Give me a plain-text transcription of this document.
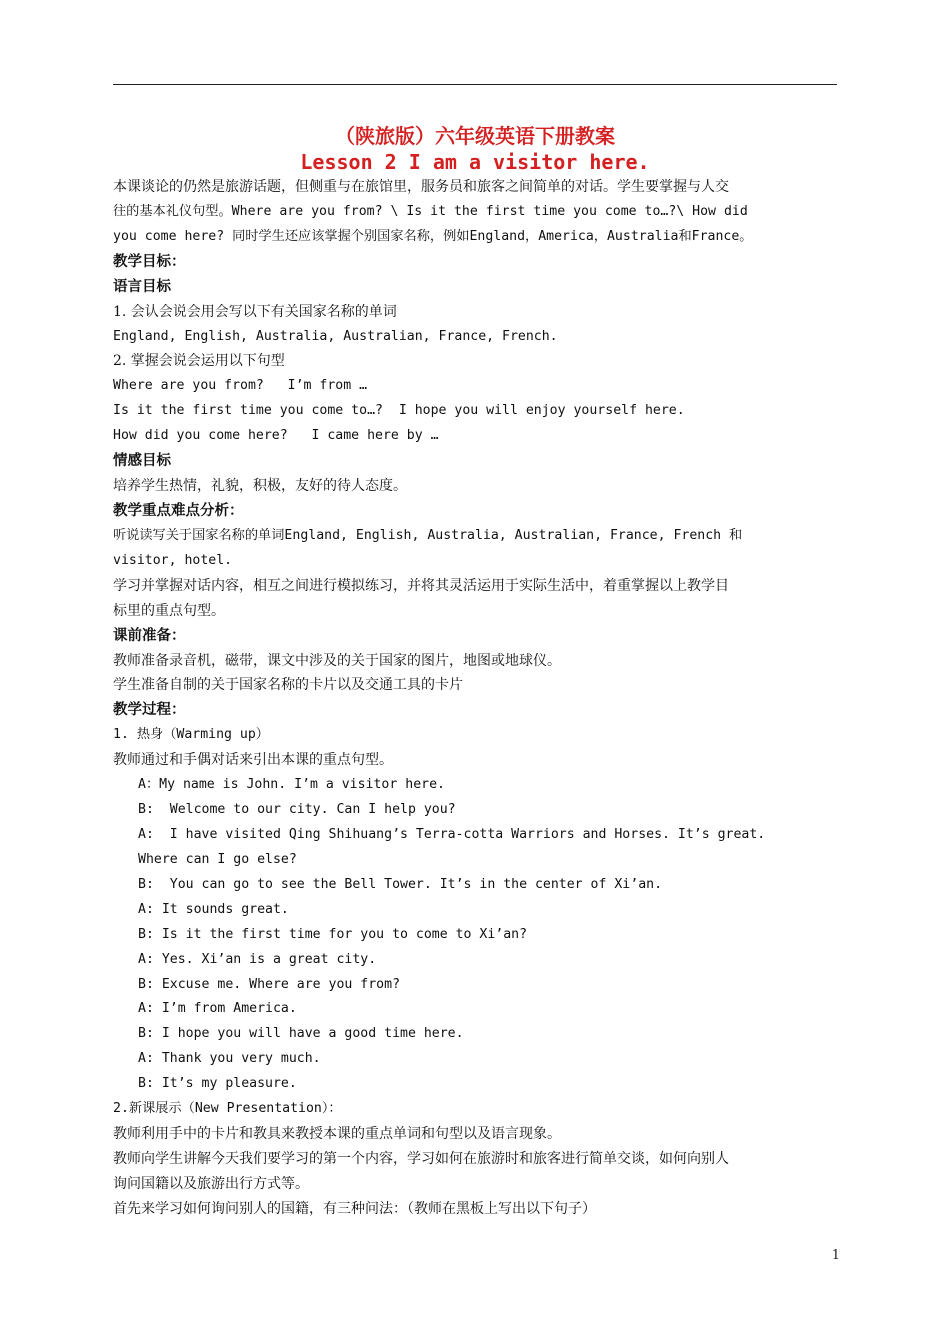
（陕旅版）六年级英语下册教案
Lesson 2 I am a visitor here.
本课谈论的仍然是旅游话题，但侧重与在旅馆里，服务员和旅客之间简单的对话。学生要掌握与人交
往的基本礼仪句型。Where are you from? \ Is it the first time you come to…?\ How did
you come here? 同时学生还应该掌握个别国家名称，例如England，America，Australia和France。
教学目标：
语言目标
1. 会认会说会用会写以下有关国家名称的单词
England, English, Australia, Australian, France, French.
2. 掌握会说会运用以下句型
Where are you from?   I’m from …
Is it the first time you come to…?  I hope you will enjoy yourself here.
How did you come here?   I came here by …
情感目标
培养学生热情，礼貌，积极，友好的待人态度。
教学重点难点分析：
听说读写关于国家名称的单词England, English, Australia, Australian, France, French 和
visitor, hotel.
学习并掌握对话内容，相互之间进行模拟练习，并将其灵活运用于实际生活中，着重掌握以上教学目
标里的重点句型。
课前准备：
教师准备录音机，磁带，课文中涉及的关于国家的图片，地图或地球仪。
学生准备自制的关于国家名称的卡片以及交通工具的卡片
教学过程：
1. 热身（Warming up）
教师通过和手偶对话来引出本课的重点句型。
A：My name is John. I’m a visitor here.
B:  Welcome to our city. Can I help you?
A:  I have visited Qing Shihuang’s Terra-cotta Warriors and Horses. It’s great.
Where can I go else?
B:  You can go to see the Bell Tower. It’s in the center of Xi’an.
A: It sounds great.
B: Is it the first time for you to come to Xi’an?
A: Yes. Xi’an is a great city.
B: Excuse me. Where are you from?
A: I’m from America.
B: I hope you will have a good time here.
A: Thank you very much.
B: It’s my pleasure.
2.新课展示（New Presentation）：
教师利用手中的卡片和教具来教授本课的重点单词和句型以及语言现象。
教师向学生讲解今天我们要学习的第一个内容，学习如何在旅游时和旅客进行简单交谈，如何向别人
询问国籍以及旅游出行方式等。
首先来学习如何询问别人的国籍，有三种问法：（教师在黑板上写出以下句子）
1
